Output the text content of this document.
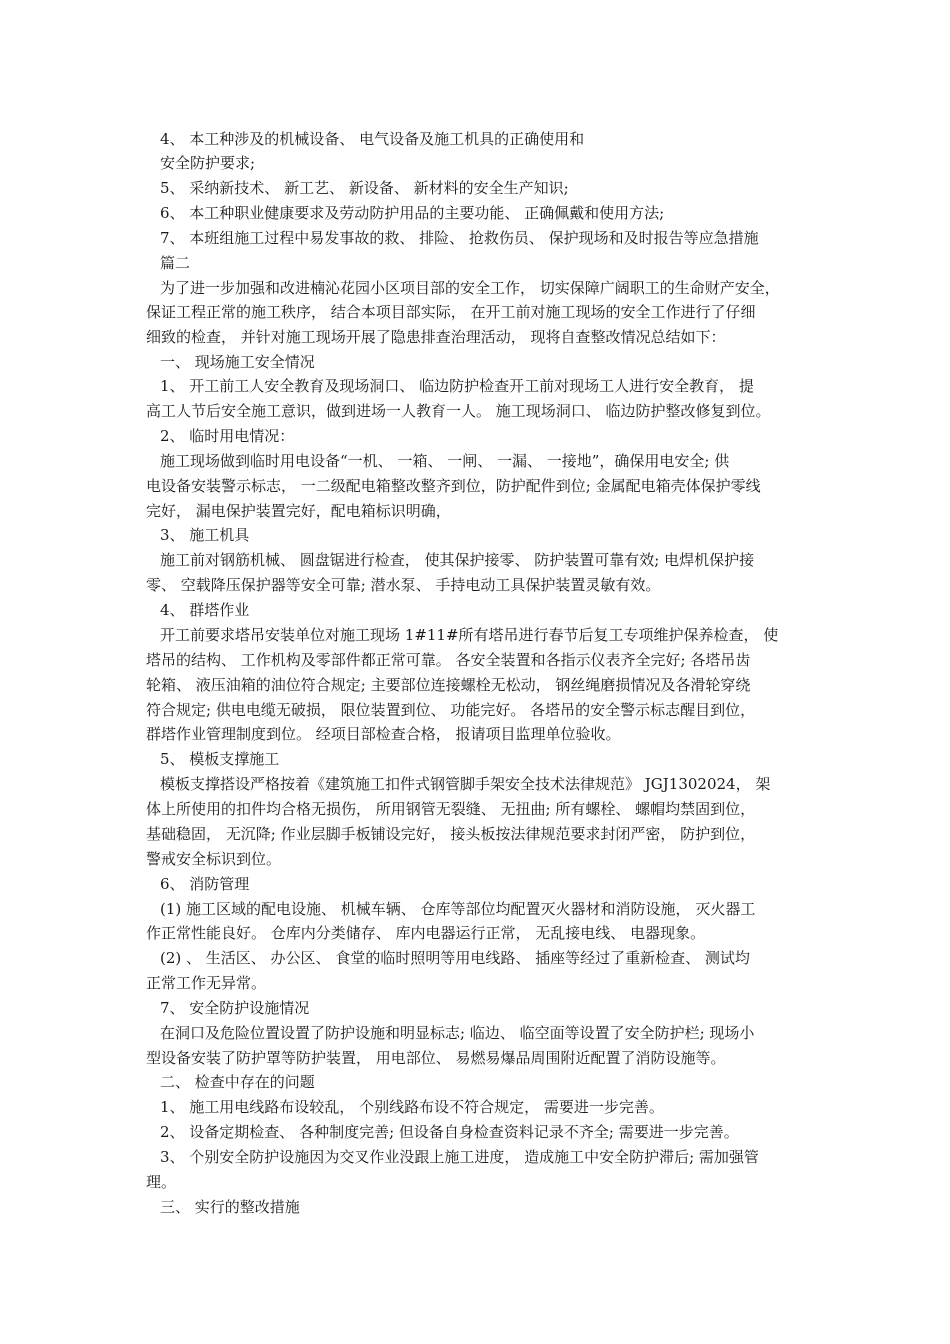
4、 本工种涉及的机械设备、 电气设备及施工机具的正确使用和
安全防护要求;
5、 采纳新技术、 新工艺、 新设备、 新材料的安全生产知识;
6、 本工种职业健康要求及劳动防护用品的主要功能、 正确佩戴和使用方法;
7、 本班组施工过程中易发事故的救、 排险、 抢救伤员、 保护现场和及时报告等应急措施
篇二
为了进一步加强和改进楠沁花园小区项目部的安全工作， 切实保障广阔职工的生命财产安全，
保证工程正常的施工秩序， 结合本项目部实际， 在开工前对施工现场的安全工作进行了仔细
细致的检查， 并针对施工现场开展了隐患排查治理活动， 现将自查整改情况总结如下：
一、 现场施工安全情况
1、 开工前工人安全教育及现场洞口、 临边防护检查开工前对现场工人进行安全教育， 提
高工人节后安全施工意识，做到进场一人教育一人。 施工现场洞口、 临边防护整改修复到位。
2、 临时用电情况：
施工现场做到临时用电设备“一机、 一箱、 一闸、 一漏、 一接地”，确保用电安全; 供
电设备安装警示标志， 一二级配电箱整改整齐到位，防护配件到位; 金属配电箱壳体保护零线
完好， 漏电保护装置完好，配电箱标识明确，
3、 施工机具
施工前对钢筋机械、 圆盘锯进行检查， 使其保护接零、 防护装置可靠有效; 电焊机保护接
零、 空载降压保护器等安全可靠; 潜水泵、 手持电动工具保护装置灵敏有效。
4、 群塔作业
开工前要求塔吊安装单位对施工现场 1#11#所有塔吊进行春节后复工专项维护保养检查， 使
塔吊的结构、 工作机构及零部件都正常可靠。 各安全装置和各指示仪表齐全完好; 各塔吊齿
轮箱、 液压油箱的油位符合规定; 主要部位连接螺栓无松动， 钢丝绳磨损情况及各滑轮穿绕
符合规定; 供电电缆无破损， 限位装置到位、 功能完好。 各塔吊的安全警示标志醒目到位，
群塔作业管理制度到位。 经项目部检查合格， 报请项目监理单位验收。
5、 模板支撑施工
模板支撑搭设严格按着《建筑施工扣件式钢管脚手架安全技术法律规范》 JGJ1302024， 架
体上所使用的扣件均合格无损伤， 所用钢管无裂缝、 无扭曲; 所有螺栓、 螺帽均禁固到位，
基础稳固， 无沉降; 作业层脚手板铺设完好， 接头板按法律规范要求封闭严密， 防护到位，
警戒安全标识到位。
6、 消防管理
(1) 施工区域的配电设施、 机械车辆、 仓库等部位均配置灭火器材和消防设施， 灭火器工
作正常性能良好。 仓库内分类储存、 库内电器运行正常， 无乱接电线、 电器现象。
(2) 、 生活区、 办公区、 食堂的临时照明等用电线路、 插座等经过了重新检查、 测试均
正常工作无异常。
7、 安全防护设施情况
在洞口及危险位置设置了防护设施和明显标志; 临边、 临空面等设置了安全防护栏; 现场小
型设备安装了防护罩等防护装置， 用电部位、 易燃易爆品周围附近配置了消防设施等。
二、 检查中存在的问题
1、 施工用电线路布设较乱， 个别线路布设不符合规定， 需要进一步完善。
2、 设备定期检查、 各种制度完善; 但设备自身检查资料记录不齐全; 需要进一步完善。
3、 个别安全防护设施因为交叉作业没跟上施工进度， 造成施工中安全防护滞后; 需加强管
理。
三、 实行的整改措施
